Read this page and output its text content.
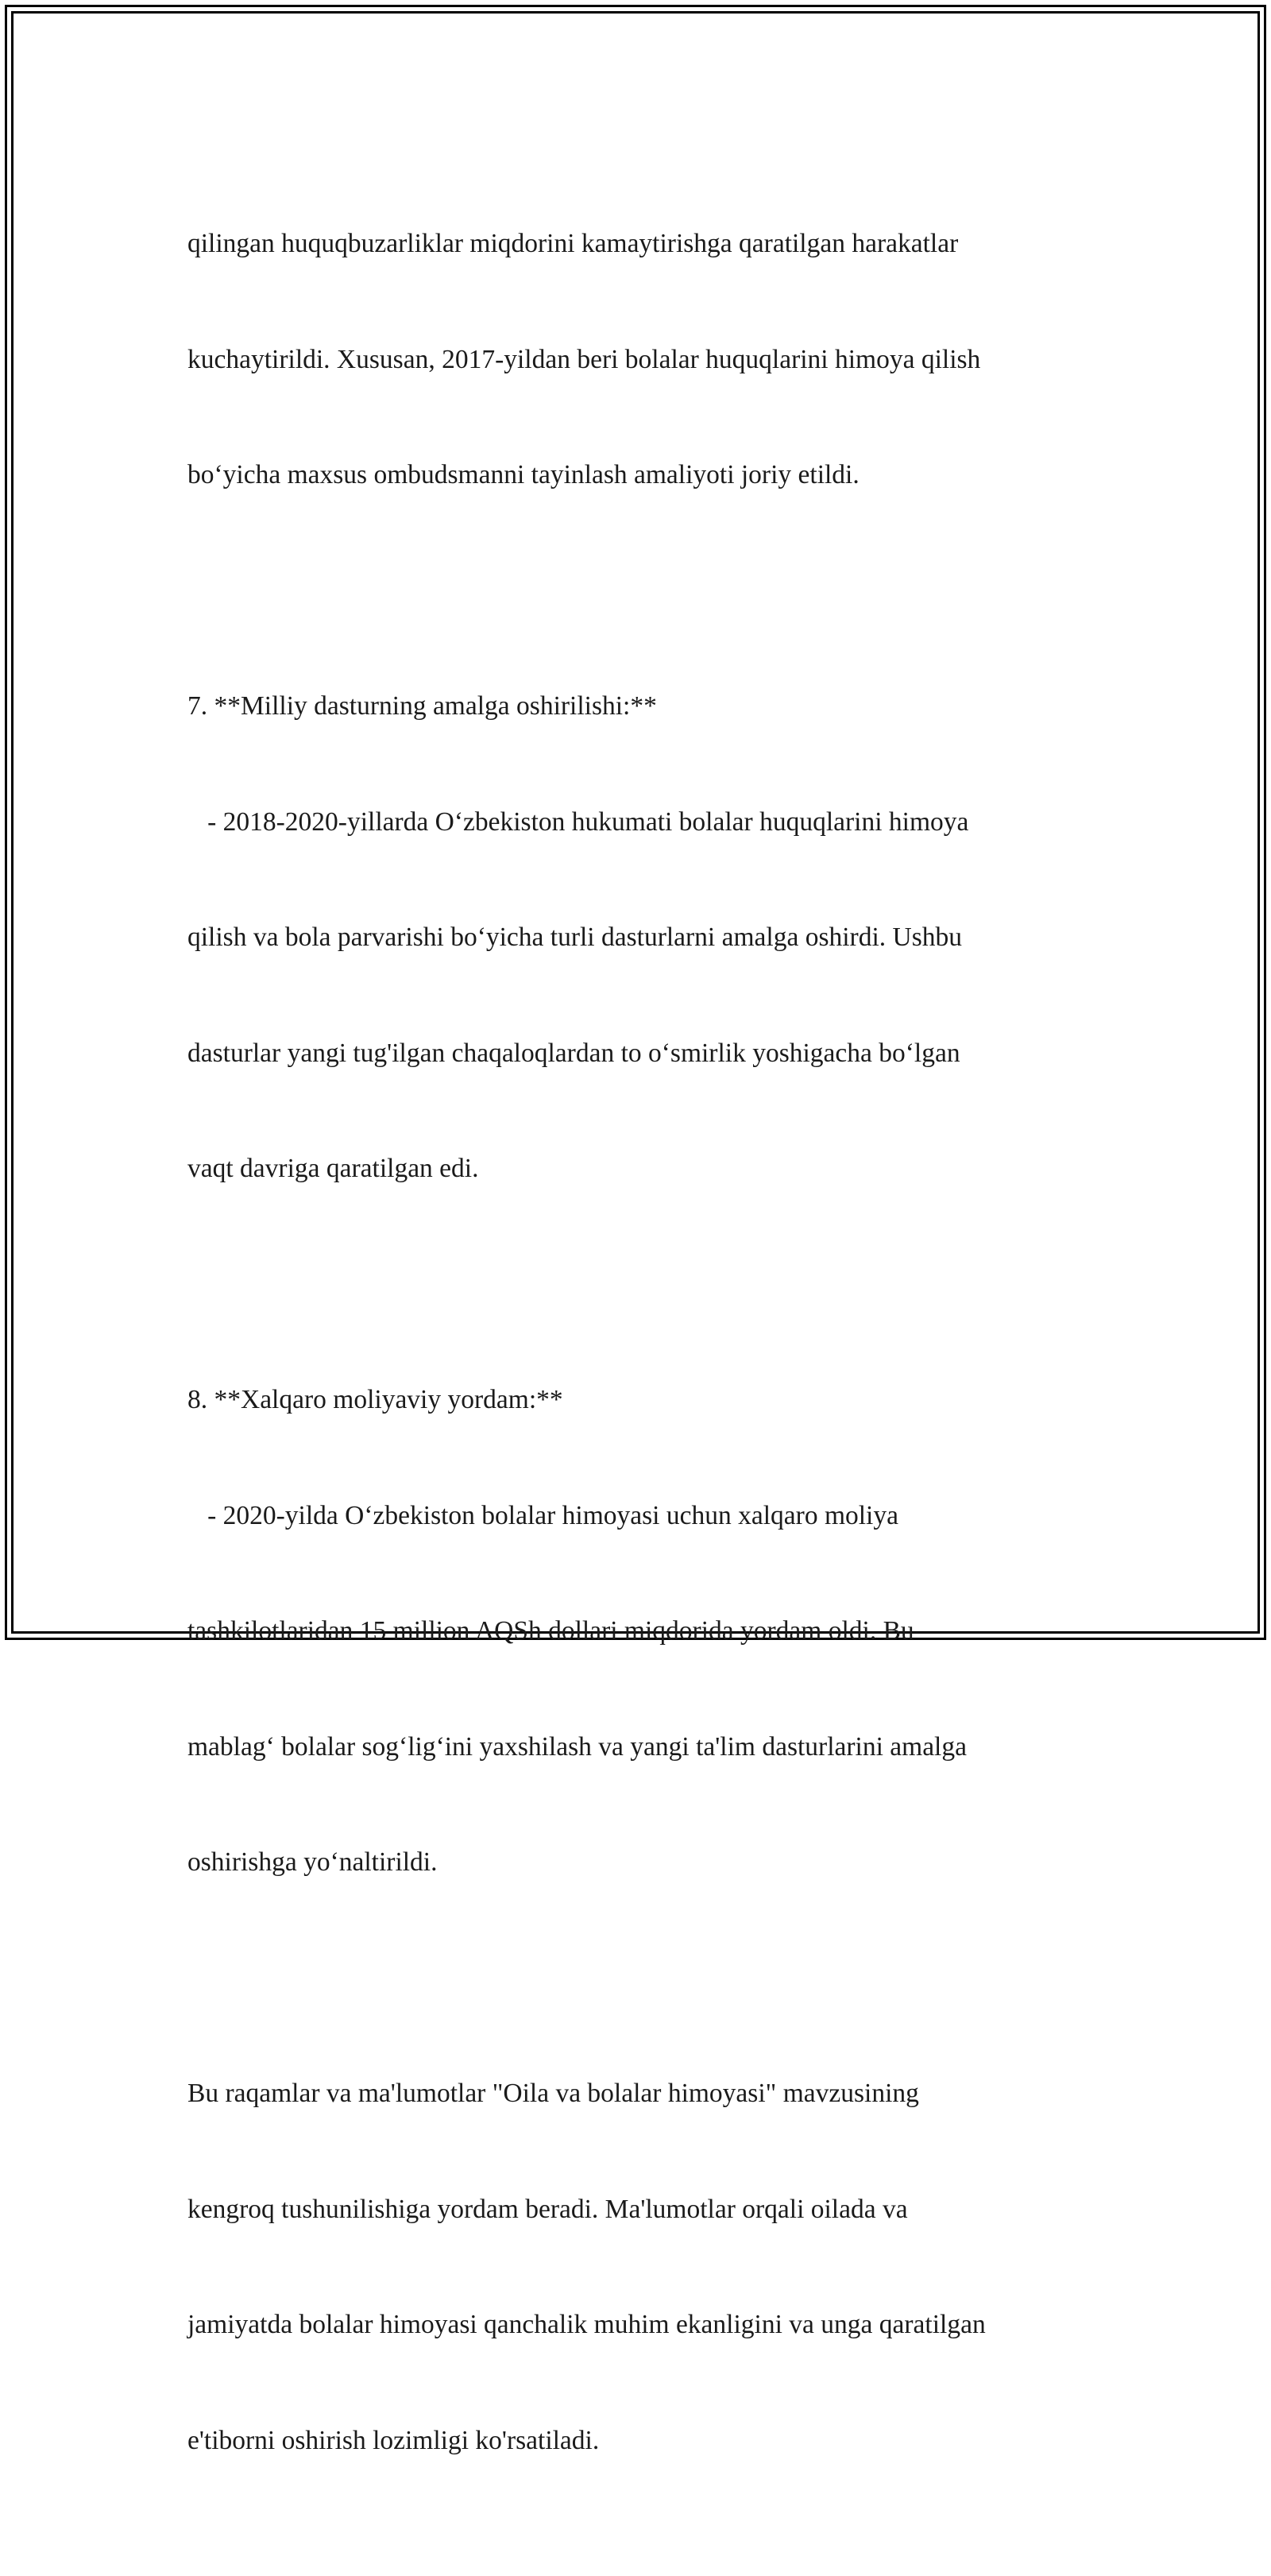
qilingan huquqbuzarliklar miqdorini kamaytirishga qaratilgan harakatlar

kuchaytirildi. Xususan, 2017-yildan beri bolalar huquqlarini himoya qilish

bo‘yicha maxsus ombudsmanni tayinlash amaliyoti joriy etildi.

7. **Milliy dasturning amalga oshirilishi:**

- 2018-2020-yillarda O‘zbekiston hukumati bolalar huquqlarini himoya

qilish va bola parvarishi bo‘yicha turli dasturlarni amalga oshirdi. Ushbu

dasturlar yangi tug'ilgan chaqaloqlardan to o‘smirlik yoshigacha bo‘lgan

vaqt davriga qaratilgan edi.

8. **Xalqaro moliyaviy yordam:**

- 2020-yilda O‘zbekiston bolalar himoyasi uchun xalqaro moliya

tashkilotlaridan 15 million AQSh dollari miqdorida yordam oldi. Bu

mablag‘ bolalar sog‘lig‘ini yaxshilash va yangi ta'lim dasturlarini amalga

oshirishga yo‘naltirildi.

Bu raqamlar va ma'lumotlar "Oila va bolalar himoyasi" mavzusining

kengroq tushunilishiga yordam beradi. Ma'lumotlar orqali oilada va

jamiyatda bolalar himoyasi qanchalik muhim ekanligini va unga qaratilgan

e'tiborni oshirish lozimligi ko'rsatiladi.
